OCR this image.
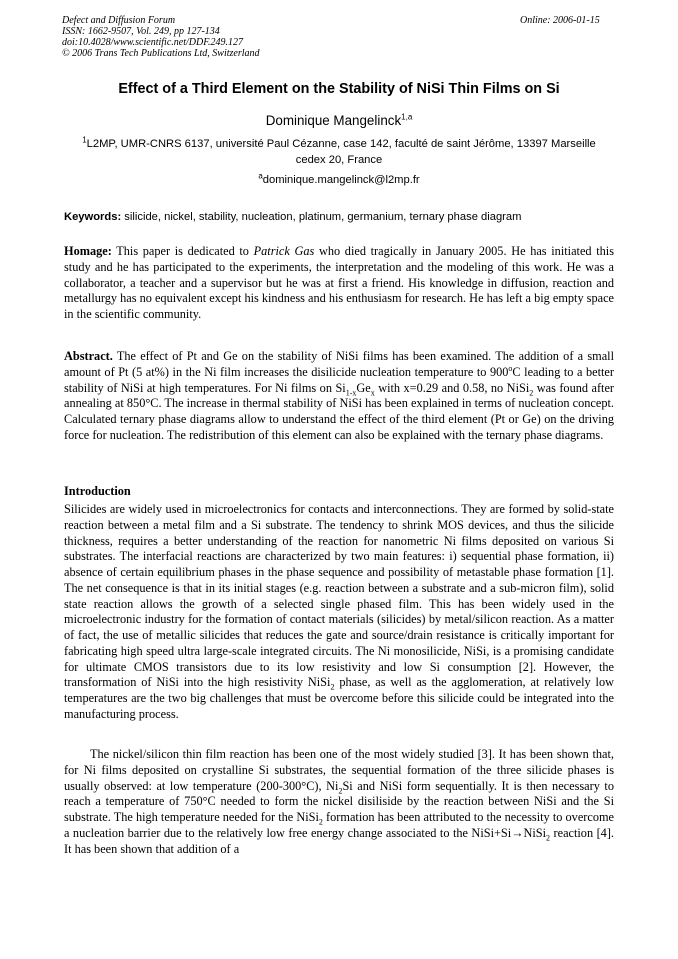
Defect and Diffusion Forum
ISSN: 1662-9507, Vol. 249, pp 127-134
doi:10.4028/www.scientific.net/DDF.249.127
© 2006 Trans Tech Publications Ltd, Switzerland
Online: 2006-01-15
Effect of a Third Element on the Stability of NiSi Thin Films on Si
Dominique Mangelinck$^{1,a}$
$^1$L2MP, UMR-CNRS 6137, université Paul Cézanne, case 142, faculté de saint Jérôme, 13397 Marseille cedex 20, France
$^a$dominique.mangelinck@l2mp.fr
Keywords: silicide, nickel, stability, nucleation, platinum, germanium, ternary phase diagram
Homage: This paper is dedicated to Patrick Gas who died tragically in January 2005. He has initiated this study and he has participated to the experiments, the interpretation and the modeling of this work. He was a collaborator, a teacher and a supervisor but he was at first a friend. His knowledge in diffusion, reaction and metallurgy has no equivalent except his kindness and his enthusiasm for research. He has left a big empty space in the scientific community.
Abstract. The effect of Pt and Ge on the stability of NiSi films has been examined. The addition of a small amount of Pt (5 at%) in the Ni film increases the disilicide nucleation temperature to 900$^o$C leading to a better stability of NiSi at high temperatures. For Ni films on $Si_{1-x}Ge_x$ with x=0.29 and 0.58, no NiSi$_2$ was found after annealing at 850°C. The increase in thermal stability of NiSi has been explained in terms of nucleation concept. Calculated ternary phase diagrams allow to understand the effect of the third element (Pt or Ge) on the driving force for nucleation. The redistribution of this element can also be explained with the ternary phase diagrams.
Introduction
Silicides are widely used in microelectronics for contacts and interconnections. They are formed by solid-state reaction between a metal film and a Si substrate. The tendency to shrink MOS devices, and thus the silicide thickness, requires a better understanding of the reaction for nanometric Ni films deposited on various Si substrates. The interfacial reactions are characterized by two main features: i) sequential phase formation, ii) absence of certain equilibrium phases in the phase sequence and possibility of metastable phase formation [1]. The net consequence is that in its initial stages (e.g. reaction between a substrate and a sub-micron film), solid state reaction allows the growth of a selected single phased film. This has been widely used in the microelectronic industry for the formation of contact materials (silicides) by metal/silicon reaction. As a matter of fact, the use of metallic silicides that reduces the gate and source/drain resistance is critically important for fabricating high speed ultra large-scale integrated circuits. The Ni monosilicide, NiSi, is a promising candidate for ultimate CMOS transistors due to its low resistivity and low Si consumption [2]. However, the transformation of NiSi into the high resistivity NiSi$_2$ phase, as well as the agglomeration, at relatively low temperatures are the two big challenges that must be overcome before this silicide could be integrated into the manufacturing process.
The nickel/silicon thin film reaction has been one of the most widely studied [3]. It has been shown that, for Ni films deposited on crystalline Si substrates, the sequential formation of the three silicide phases is usually observed: at low temperature (200-300°C), $Ni_2Si$ and NiSi form sequentially. It is then necessary to reach a temperature of 750°C needed to form the nickel disiliside by the reaction between NiSi and the Si substrate. The high temperature needed for the NiSi$_2$ formation has been attributed to the necessity to overcome a nucleation barrier due to the relatively low free energy change associated to the NiSi+Si→NiSi$_2$ reaction [4]. It has been shown that addition of a
